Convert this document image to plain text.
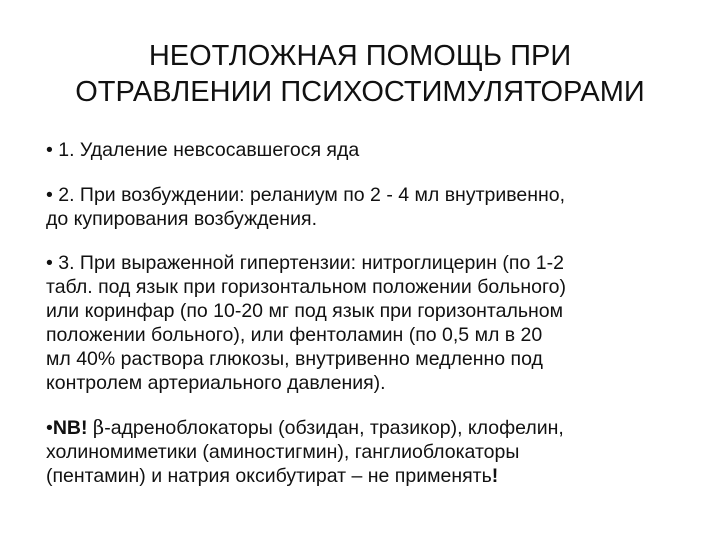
НЕОТЛОЖНАЯ ПОМОЩЬ ПРИ
ОТРАВЛЕНИИ ПСИХОСТИМУЛЯТОРАМИ
• 1. Удаление невсосавшегося яда
• 2. При возбуждении: реланиум по 2 - 4 мл внутривенно,
до купирования возбуждения.
• 3. При выраженной гипертензии: нитроглицерин (по 1-2
табл. под язык при горизонтальном положении больного)
или коринфар (по 10-20 мг под язык при горизонтальном
положении больного), или фентоламин (по 0,5 мл в 20
мл 40% раствора глюкозы, внутривенно медленно под
контролем артериального давления).
•NB! β-адреноблокаторы (обзидан, тразикор), клофелин,
холиномиметики (аминостигмин), ганглиоблокаторы
(пентамин) и натрия оксибутират – не применять!
